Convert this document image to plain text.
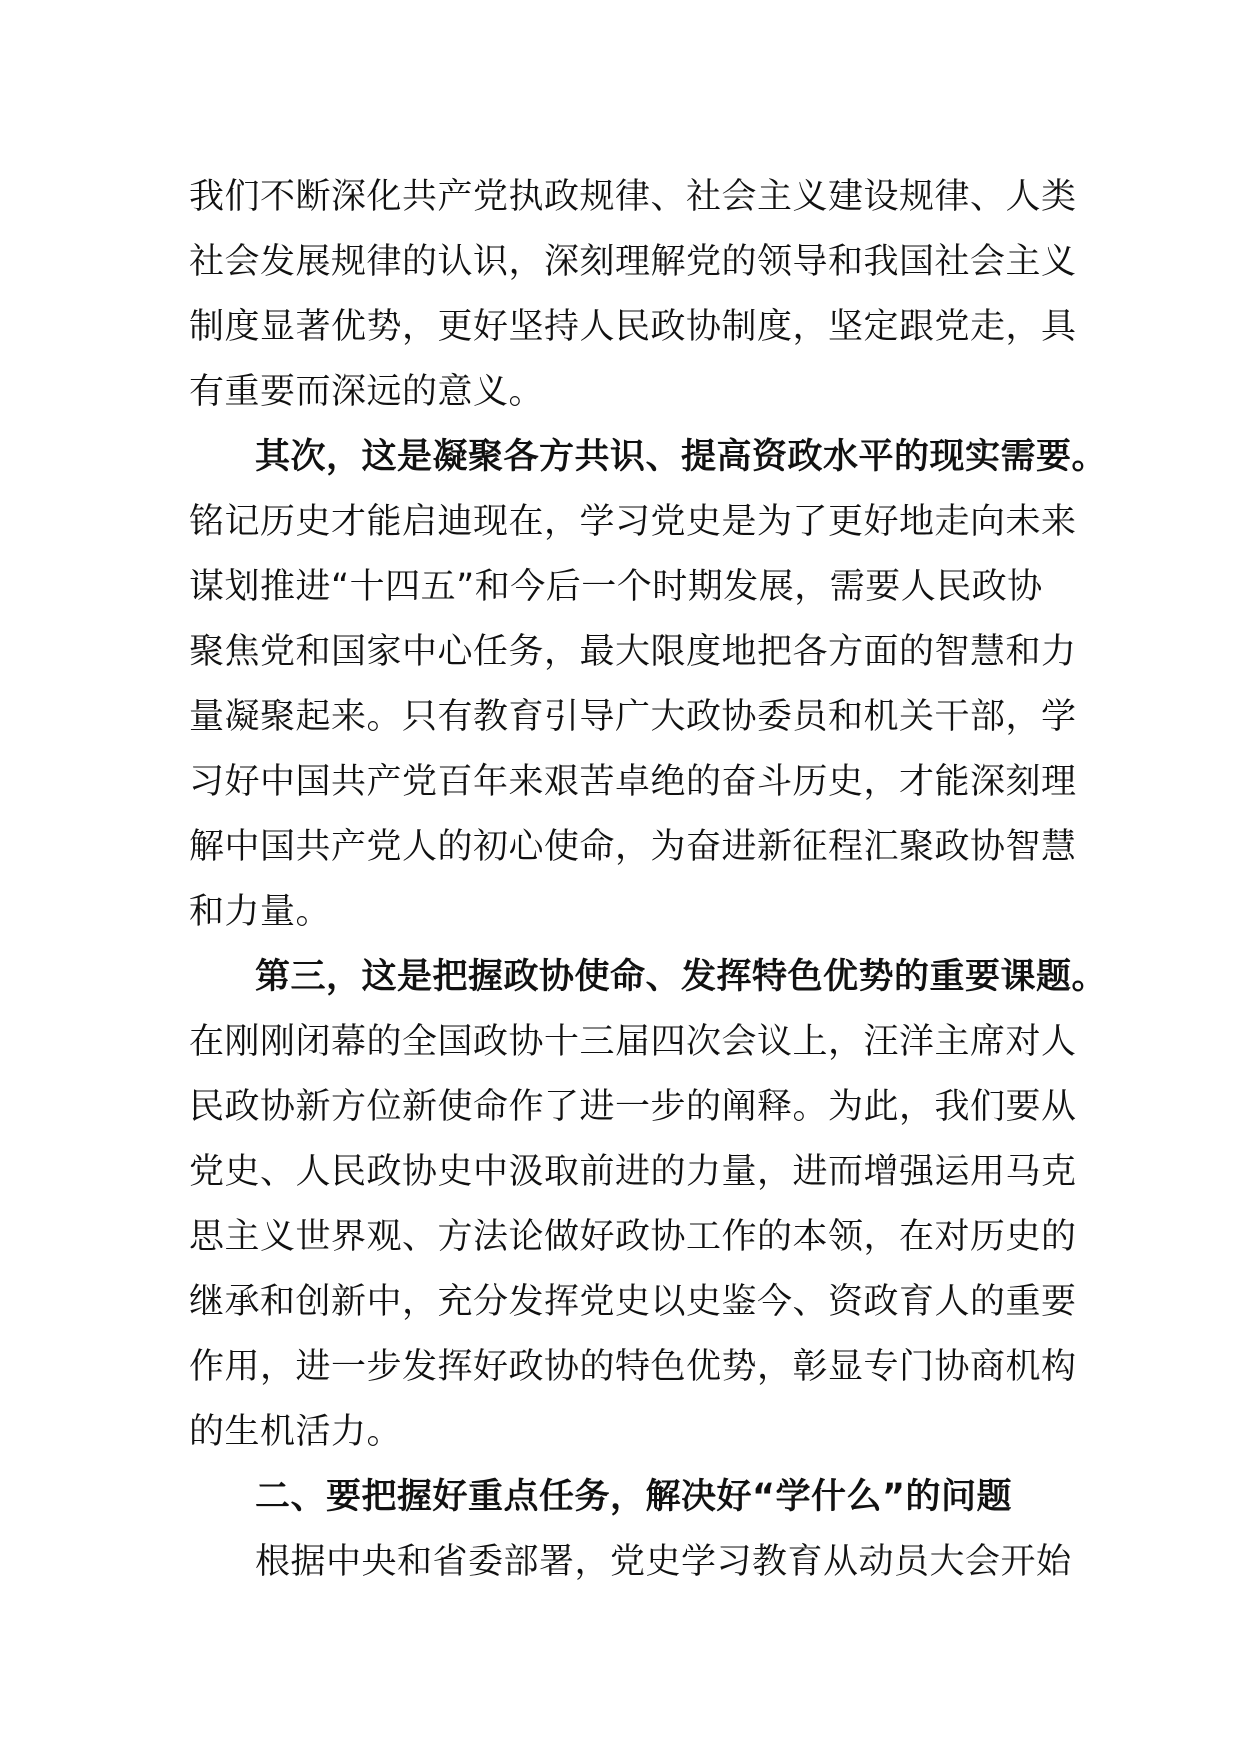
我们不断深化共产党执政规律、社会主义建设规律、人类
社会发展规律的认识，深刻理解党的领导和我国社会主义
制度显著优势，更好坚持人民政协制度，坚定跟党走，具
有重要而深远的意义。
其次，这是凝聚各方共识、提高资政水平的现实需要。
铭记历史才能启迪现在，学习党史是为了更好地走向未来
谋划推进“十四五”和今后一个时期发展，需要人民政协
聚焦党和国家中心任务，最大限度地把各方面的智慧和力
量凝聚起来。只有教育引导广大政协委员和机关干部，学
习好中国共产党百年来艰苦卓绝的奋斗历史，才能深刻理
解中国共产党人的初心使命，为奋进新征程汇聚政协智慧
和力量。
第三，这是把握政协使命、发挥特色优势的重要课题。
在刚刚闭幕的全国政协十三届四次会议上，汪洋主席对人
民政协新方位新使命作了进一步的阐释。为此，我们要从
党史、人民政协史中汲取前进的力量，进而增强运用马克
思主义世界观、方法论做好政协工作的本领，在对历史的
继承和创新中，充分发挥党史以史鉴今、资政育人的重要
作用，进一步发挥好政协的特色优势，彰显专门协商机构
的生机活力。
二、要把握好重点任务，解决好“学什么”的问题
根据中央和省委部署，党史学习教育从动员大会开始
